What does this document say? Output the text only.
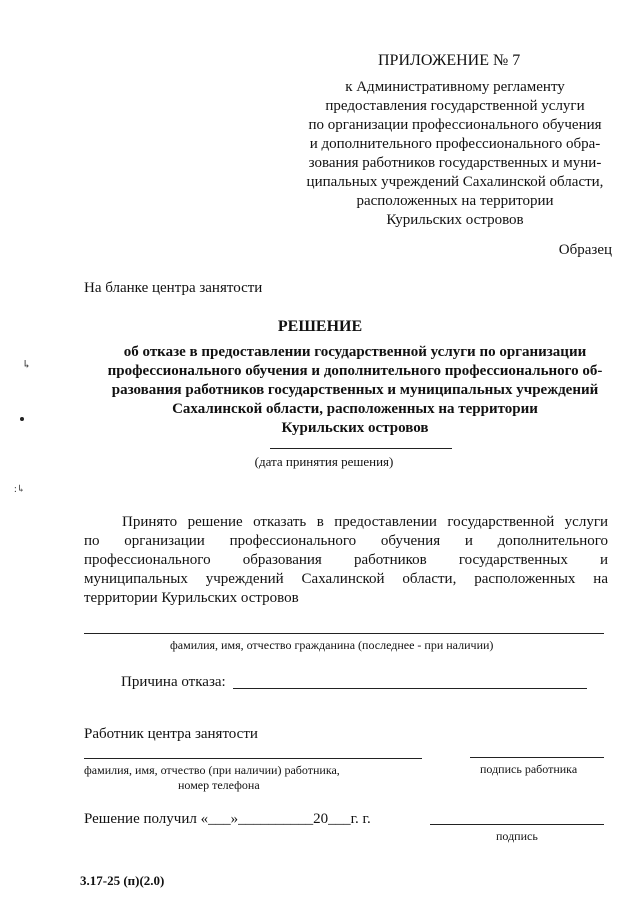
ПРИЛОЖЕНИЕ № 7
к Административному регламенту
предоставления государственной услуги
по организации профессионального обучения
и дополнительного профессионального обра-
зования работников государственных и муни-
ципальных учреждений Сахалинской области,
расположенных на территории
Курильских островов
Образец
На бланке центра занятости
↳
:↳
РЕШЕНИЕ
об отказе в предоставлении государственной услуги по организации
профессионального обучения и дополнительного профессионального об-
разования работников государственных и муниципальных учреждений
Сахалинской области, расположенных на территории
Курильских островов
(дата принятия решения)
Принято решение отказать в предоставлении государственной услуги
по организации профессионального обучения и дополнительного
профессионального образования работников государственных и
муниципальных учреждений Сахалинской области, расположенных на
территории Курильских островов
фамилия, имя, отчество гражданина (последнее - при наличии)
Причина отказа:
Работник центра занятости
фамилия, имя, отчество (при наличии) работника,
номер телефона
подпись работника
Решение получил «___»__________20___г. г.
подпись
3.17-25 (п)(2.0)
